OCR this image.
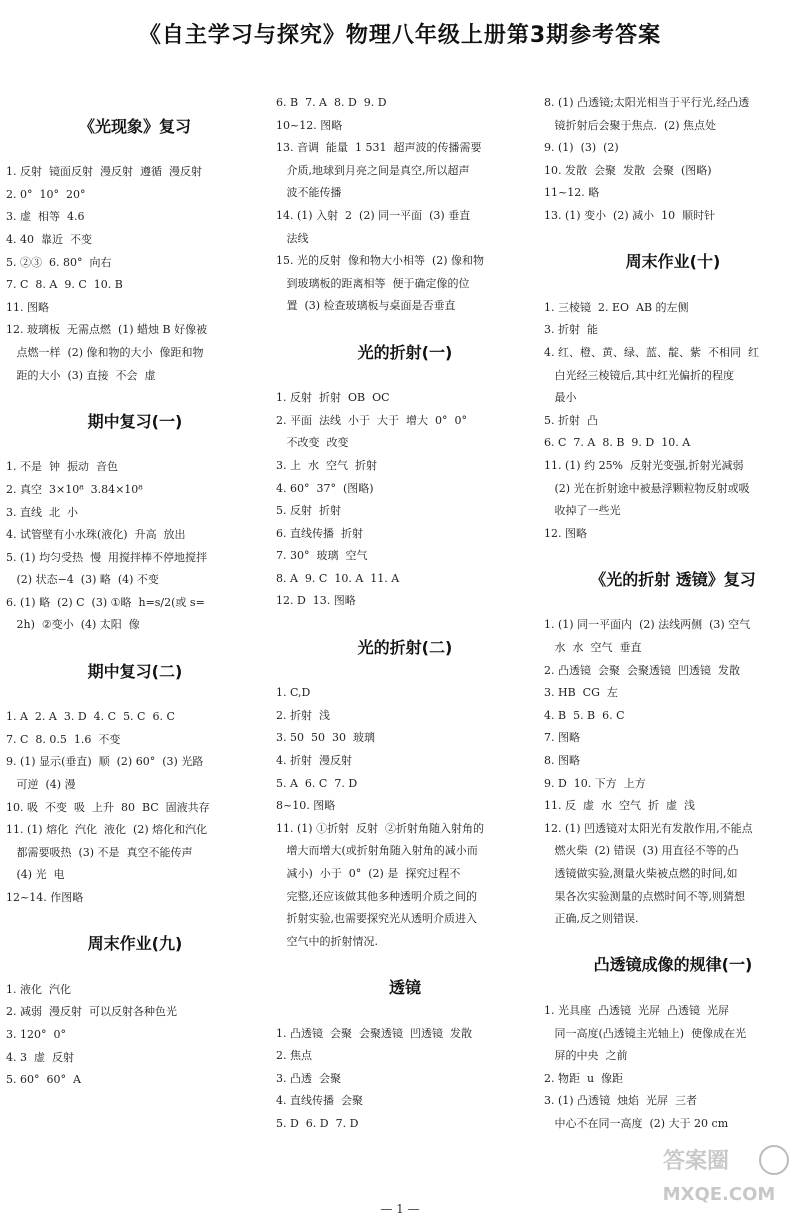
《自主学习与探究》物理八年级上册第3期参考答案
《光现象》复习
1. 反射  镜面反射  漫反射  遵循  漫反射
2. 0°  10°  20°
3. 虚  相等  4.6
4. 40  靠近  不变
5. ②③  6. 80°  向右
7. C  8. A  9. C  10. B
11. 图略
12. 玻璃板  无需点燃  (1) 蜡烛 B 好像被
点燃一样  (2) 像和物的大小  像距和物
距的大小  (3) 直接  不会  虚
期中复习(一)
1. 不是  钟  振动  音色
2. 真空  3×10⁸  3.84×10⁸
3. 直线  北  小
4. 试管壁有小水珠(液化)  升高  放出
5. (1) 均匀受热  慢  用搅拌棒不停地搅拌
(2) 状态−4  (3) 略  (4) 不变
6. (1) 略  (2) C  (3) ①略  h=s/2(或 s=
2h)  ②变小  (4) 太阳  像
期中复习(二)
1. A  2. A  3. D  4. C  5. C  6. C
7. C  8. 0.5  1.6  不变
9. (1) 显示(垂直)  顺  (2) 60°  (3) 光路
可逆  (4) 漫
10. 吸  不变  吸  上升  80  BC  固液共存
11. (1) 熔化  汽化  液化  (2) 熔化和汽化
都需要吸热  (3) 不是  真空不能传声
(4) 光  电
12~14. 作图略
周末作业(九)
1. 液化  汽化
2. 减弱  漫反射  可以反射各种色光
3. 120°  0°
4. 3  虚  反射
5. 60°  60°  A
6. B  7. A  8. D  9. D
10~12. 图略
13. 音调  能量  1 531  超声波的传播需要
介质,地球到月亮之间是真空,所以超声
波不能传播
14. (1) 入射  2  (2) 同一平面  (3) 垂直
法线
15. 光的反射  像和物大小相等  (2) 像和物
到玻璃板的距离相等  便于确定像的位
置  (3) 检查玻璃板与桌面是否垂直
光的折射(一)
1. 反射  折射  OB  OC
2. 平面  法线  小于  大于  增大  0°  0°
不改变  改变
3. 上  水  空气  折射
4. 60°  37°  (图略)
5. 反射  折射
6. 直线传播  折射
7. 30°  玻璃  空气
8. A  9. C  10. A  11. A
12. D  13. 图略
光的折射(二)
1. C,D
2. 折射  浅
3. 50  50  30  玻璃
4. 折射  漫反射
5. A  6. C  7. D
8~10. 图略
11. (1) ①折射  反射  ②折射角随入射角的
增大而增大(或折射角随入射角的减小而
减小)  小于  0°  (2) 是  探究过程不
完整,还应该做其他多种透明介质之间的
折射实验,也需要探究光从透明介质进入
空气中的折射情况.
透镜
1. 凸透镜  会聚  会聚透镜  凹透镜  发散
2. 焦点
3. 凸透  会聚
4. 直线传播  会聚
5. D  6. D  7. D
8. (1) 凸透镜;太阳光相当于平行光,经凸透
镜折射后会聚于焦点.  (2) 焦点处
9. (1)  (3)  (2)
10. 发散  会聚  发散  会聚  (图略)
11~12. 略
13. (1) 变小  (2) 减小  10  顺时针
周末作业(十)
1. 三棱镜  2. EO  AB 的左侧
3. 折射  能
4. 红、橙、黄、绿、蓝、靛、紫  不相同  红
白光经三棱镜后,其中红光偏折的程度
最小
5. 折射  凸
6. C  7. A  8. B  9. D  10. A
11. (1) 约 25%  反射光变强,折射光减弱
(2) 光在折射途中被悬浮颗粒物反射或吸
收掉了一些光
12. 图略
《光的折射 透镜》复习
1. (1) 同一平面内  (2) 法线两侧  (3) 空气
水  水  空气  垂直
2. 凸透镜  会聚  会聚透镜  凹透镜  发散
3. HB  CG  左
4. B  5. B  6. C
7. 图略
8. 图略
9. D  10. 下方  上方
11. 反  虚  水  空气  折  虚  浅
12. (1) 凹透镜对太阳光有发散作用,不能点
燃火柴  (2) 错误  (3) 用直径不等的凸
透镜做实验,测量火柴被点燃的时间,如
果各次实验测量的点燃时间不等,则猜想
正确,反之则错误.
凸透镜成像的规律(一)
1. 光具座  凸透镜  光屏  凸透镜  光屏
同一高度(凸透镜主光轴上)  使像成在光
屏的中央  之前
2. 物距  u  像距
3. (1) 凸透镜  烛焰  光屏  三者
中心不在同一高度  (2) 大于 20 cm
答案圈
MXQE.COM
— 1 —
